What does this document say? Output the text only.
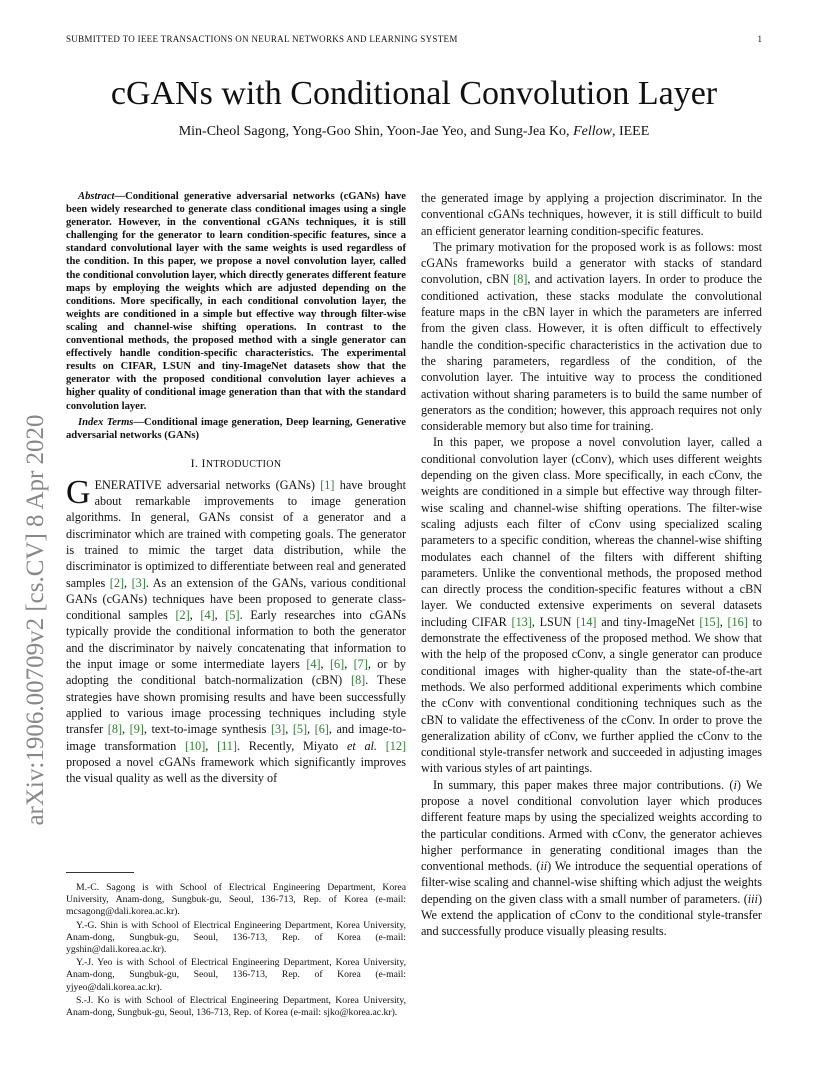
SUBMITTED TO IEEE TRANSACTIONS ON NEURAL NETWORKS AND LEARNING SYSTEM	1
arXiv:1906.00709v2 [cs.CV] 8 Apr 2020
cGANs with Conditional Convolution Layer
Min-Cheol Sagong, Yong-Goo Shin, Yoon-Jae Yeo, and Sung-Jea Ko, Fellow, IEEE

Abstract—Conditional generative adversarial networks (cGANs) have been widely researched to generate class conditional images using a single generator. However, in the conventional cGANs techniques, it is still challenging for the generator to learn condition-specific features, since a standard convolutional layer with the same weights is used regardless of the condition. In this paper, we propose a novel convolution layer, called the conditional convolution layer, which directly generates different feature maps by employing the weights which are adjusted depending on the conditions. More specifically, in each conditional convolution layer, the weights are conditioned in a simple but effective way through filter-wise scaling and channel-wise shifting operations. In contrast to the conventional methods, the proposed method with a single generator can effectively handle condition-specific characteristics. The experimental results on CIFAR, LSUN and tiny-ImageNet datasets show that the generator with the proposed conditional convolution layer achieves a higher quality of conditional image generation than that with the standard convolution layer.

Index Terms—Conditional image generation, Deep learning, Generative adversarial networks (GANs)

I. INTRODUCTION

GENERATIVE adversarial networks (GANs) [1] have brought about remarkable improvements to image generation algorithms. In general, GANs consist of a generator and a discriminator which are trained with competing goals. The generator is trained to mimic the target data distribution, while the discriminator is optimized to differentiate between real and generated samples [2], [3]. As an extension of the GANs, various conditional GANs (cGANs) techniques have been proposed to generate class-conditional samples [2], [4], [5]. Early researches into cGANs typically provide the conditional information to both the generator and the discriminator by naively concatenating that information to the input image or some intermediate layers [4], [6], [7], or by adopting the conditional batch-normalization (cBN) [8]. These strategies have shown promising results and have been successfully applied to various image processing techniques including style transfer [8], [9], text-to-image synthesis [3], [5], [6], and image-to-image transformation [10], [11]. Recently, Miyato et al. [12] proposed a novel cGANs framework which significantly improves the visual quality as well as the diversity of

M.-C. Sagong is with School of Electrical Engineering Department, Korea University, Anam-dong, Sungbuk-gu, Seoul, 136-713, Rep. of Korea (e-mail: mcsagong@dali.korea.ac.kr).

Y.-G. Shin is with School of Electrical Engineering Department, Korea University, Anam-dong, Sungbuk-gu, Seoul, 136-713, Rep. of Korea (e-mail: ygshin@dali.korea.ac.kr).

Y.-J. Yeo is with School of Electrical Engineering Department, Korea University, Anam-dong, Sungbuk-gu, Seoul, 136-713, Rep. of Korea (e-mail: yjyeo@dali.korea.ac.kr).

S.-J. Ko is with School of Electrical Engineering Department, Korea University, Anam-dong, Sungbuk-gu, Seoul, 136-713, Rep. of Korea (e-mail: sjko@korea.ac.kr).

the generated image by applying a projection discriminator. In the conventional cGANs techniques, however, it is still difficult to build an efficient generator learning condition-specific features.

The primary motivation for the proposed work is as follows: most cGANs frameworks build a generator with stacks of standard convolution, cBN [8], and activation layers. In order to produce the conditioned activation, these stacks modulate the convolutional feature maps in the cBN layer in which the parameters are inferred from the given class. However, it is often difficult to effectively handle the condition-specific characteristics in the activation due to the sharing parameters, regardless of the condition, of the convolution layer. The intuitive way to process the conditioned activation without sharing parameters is to build the same number of generators as the condition; however, this approach requires not only considerable memory but also time for training.

In this paper, we propose a novel convolution layer, called a conditional convolution layer (cConv), which uses different weights depending on the given class. More specifically, in each cConv, the weights are conditioned in a simple but effective way through filter-wise scaling and channel-wise shifting operations. The filter-wise scaling adjusts each filter of cConv using specialized scaling parameters to a specific condition, whereas the channel-wise shifting modulates each channel of the filters with different shifting parameters. Unlike the conventional methods, the proposed method can directly process the condition-specific features without a cBN layer. We conducted extensive experiments on several datasets including CIFAR [13], LSUN [14] and tiny-ImageNet [15], [16] to demonstrate the effectiveness of the proposed method. We show that with the help of the proposed cConv, a single generator can produce conditional images with higher-quality than the state-of-the-art methods. We also performed additional experiments which combine the cConv with conventional conditioning techniques such as the cBN to validate the effectiveness of the cConv. In order to prove the generalization ability of cConv, we further applied the cConv to the conditional style-transfer network and succeeded in adjusting images with various styles of art paintings.

In summary, this paper makes three major contributions. (i) We propose a novel conditional convolution layer which produces different feature maps by using the specialized weights according to the particular conditions. Armed with cConv, the generator achieves higher performance in generating conditional images than the conventional methods. (ii) We introduce the sequential operations of filter-wise scaling and channel-wise shifting which adjust the weights depending on the given class with a small number of parameters. (iii) We extend the application of cConv to the conditional style-transfer and successfully produce visually pleasing results.
